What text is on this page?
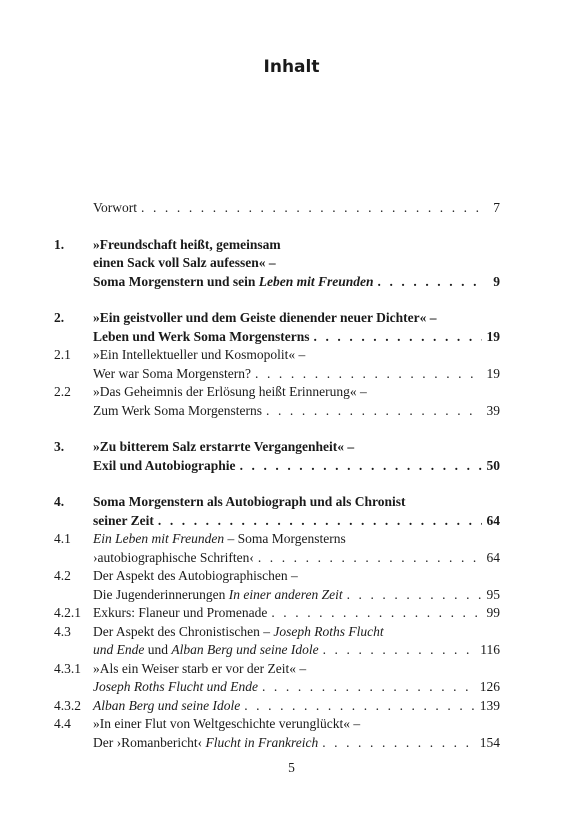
Inhalt
Vorwort . . .	7
1.	»Freundschaft heißt, gemeinsam
einen Sack voll Salz aufessen« –
Soma Morgenstern und sein Leben mit Freunden . . .	9
2.	»Ein geistvoller und dem Geiste dienender neuer Dichter« –
Leben und Werk Soma Morgensterns . . .	19
2.1	»Ein Intellektueller und Kosmopolit« –
Wer war Soma Morgenstern? . . .	19
2.2	»Das Geheimnis der Erlösung heißt Erinnerung« –
Zum Werk Soma Morgensterns . . .	39
3.	»Zu bitterem Salz erstarrte Vergangenheit« –
Exil und Autobiographie . . .	50
4.	Soma Morgenstern als Autobiograph und als Chronist
seiner Zeit . . .	64
4.1	Ein Leben mit Freunden – Soma Morgensterns
›autobiographische Schriften‹ . . .	64
4.2	Der Aspekt des Autobiographischen –
Die Jugenderinnerungen In einer anderen Zeit . . .	95
4.2.1 Exkurs: Flaneur und Promenade . . .	99
4.3	Der Aspekt des Chronistischen – Joseph Roths Flucht
und Ende und Alban Berg und seine Idole . . .	116
4.3.1 »Als ein Weiser starb er vor der Zeit« –
Joseph Roths Flucht und Ende . . .	126
4.3.2 Alban Berg und seine Idole . . .	139
4.4	»In einer Flut von Weltgeschichte verunglückt« –
Der ›Romanbericht‹ Flucht in Frankreich . . .	154
5
